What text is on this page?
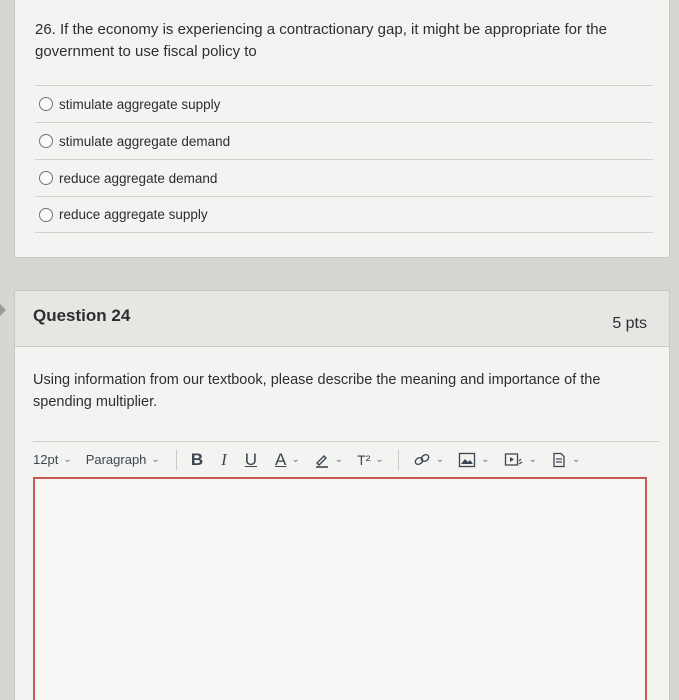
26. If the economy is experiencing a contractionary gap, it might be appropriate for the government to use fiscal policy to
stimulate aggregate supply
stimulate aggregate demand
reduce aggregate demand
reduce aggregate supply
Question 24	5 pts
Using information from our textbook, please describe the meaning and importance of the spending multiplier.
12pt ⌄ Paragraph ⌄ B I U A ⌄	⌄ T² ⌄	⌄	⌄	⌄	⌄
